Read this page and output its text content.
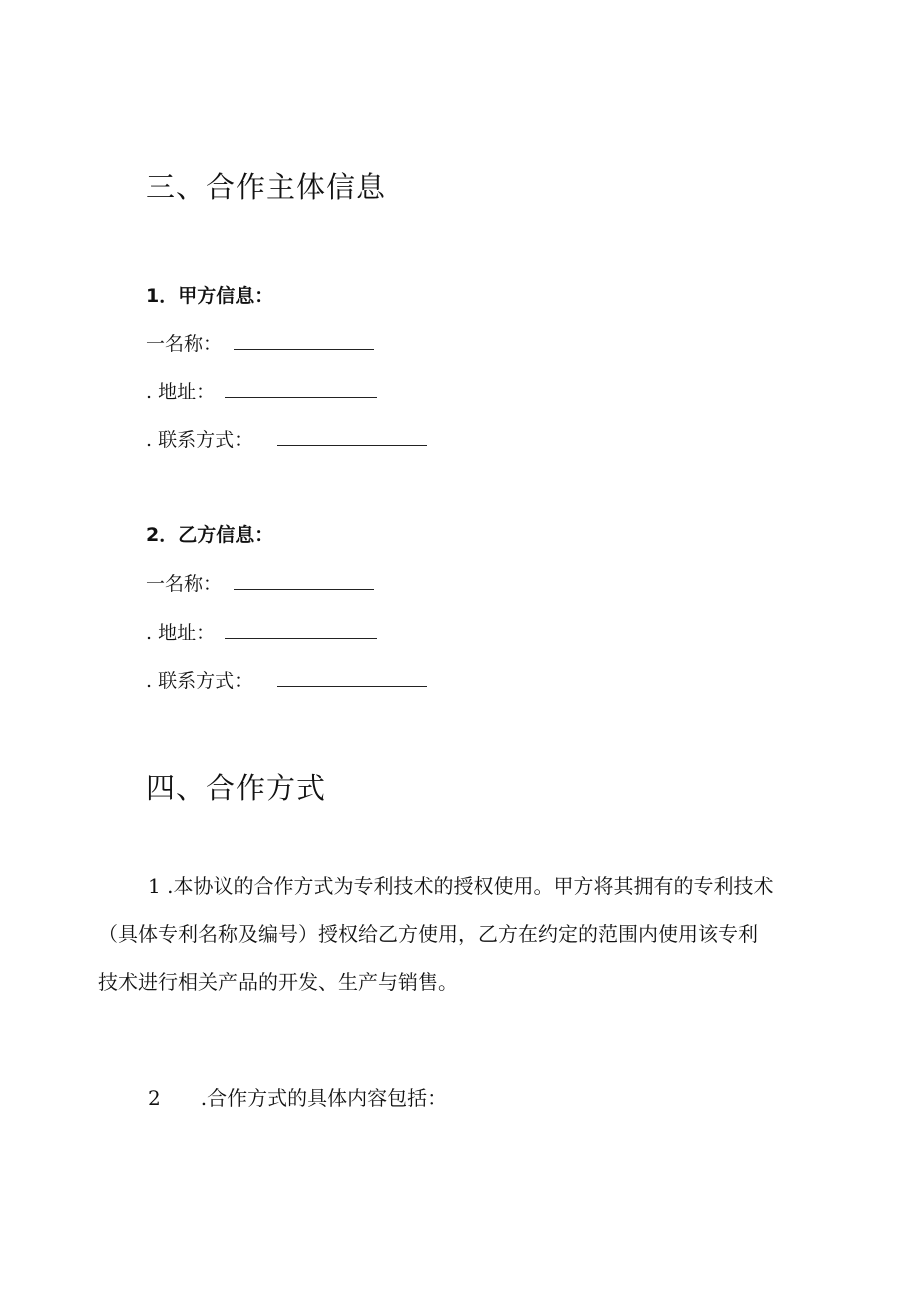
三、合作主体信息
1．甲方信息：
一名称：
. 地址：
. 联系方式：
2．乙方信息：
一名称：
. 地址：
. 联系方式：
四、合作方式
1 .本协议的合作方式为专利技术的授权使用。甲方将其拥有的专利技术
（具体专利名称及编号）授权给乙方使用，乙方在约定的范围内使用该专利
技术进行相关产品的开发、生产与销售。
2　　.合作方式的具体内容包括：
